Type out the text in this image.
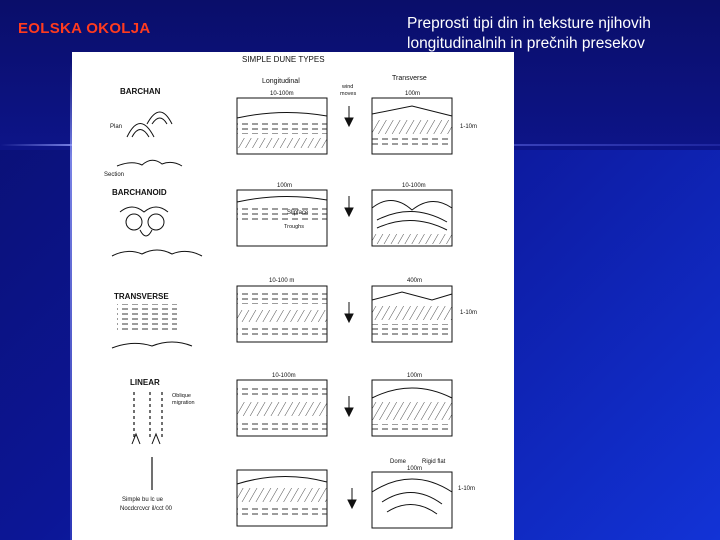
EOLSKA OKOLJA	Preprosti tipi din in teksture njihovih
longitudinalnih in prečnih presekov
SIMPLE DUNE TYPES
Longitudinal	Transverse
wind
moves
BARCHAN
Plan
Section
10-100m	100m
1-10m
BARCHANOID
100m
Slipface
Troughs
10-100m
TRANSVERSE
10-100 m	400m
1-10m
LINEAR
Oblique
migration
10-100m	100m
Simple bu lc ue
Nocdcrcvcr il/cct 00
Dome	Rigid flat
100m
1-10m
